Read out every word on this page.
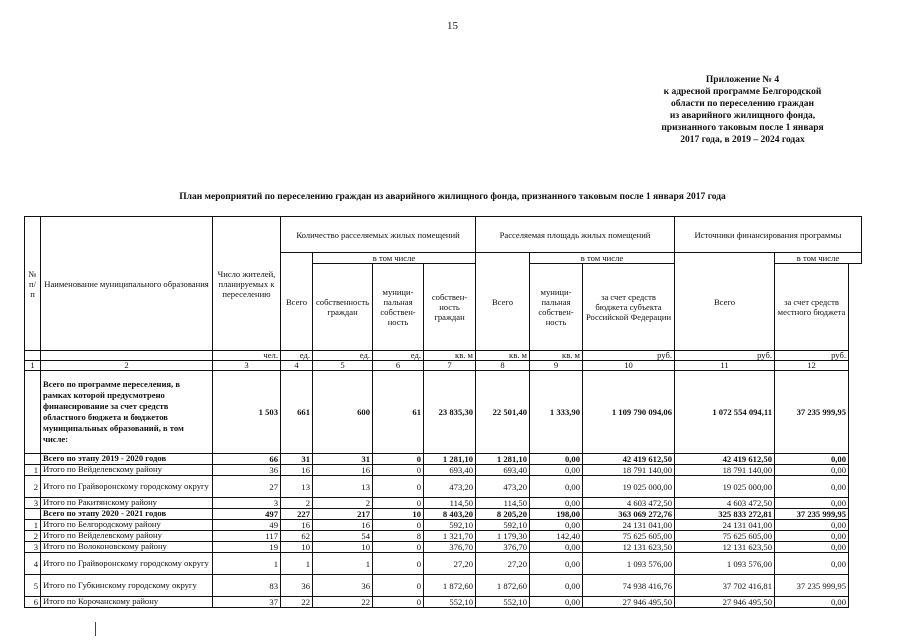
15
Приложение № 4
к адресной программе Белгородской
области по переселению граждан
из аварийного жилищного фонда,
признанного таковым после 1 января
2017 года, в 2019 – 2024 годах
План мероприятий по переселению граждан из аварийного жилищного фонда, признанного таковым после 1 января 2017 года
№ п/п	Наименование муниципального образования	Число жителей, планируемых к переселению	Количество расселяемых жилых помещений				Расселяемая площадь жилых помещений			Источники финансирования программы	
			Всего	в том числе			Всего	в том числе		Всего	в том числе
				собственность граждан	муници-пальная собствен-ность	собствен-ность граждан		муници-пальная собствен-ность	за счет средств бюджета субъекта Российской Федерации		за счет средств местного бюджета
		чел.	ед.	ед.	ед.	кв. м	кв. м	кв. м	руб.	руб.	руб.
1	2	3	4	5	6	7	8	9	10	11	12
	Всего по программе переселения, в рамках которой предусмотрено финансирование за счет средств областного бюджета и бюджетов муниципальных образований, в том числе:	1 503	661	600	61	23 835,30	22 501,40	1 333,90	1 109 790 094,06	1 072 554 094,11	37 235 999,95
	Всего по этапу 2019 - 2020 годов	66	31	31	0	1 281,10	1 281,10	0,00	42 419 612,50	42 419 612,50	0,00
1	Итого по Вейделевскому району	36	16	16	0	693,40	693,40	0,00	18 791 140,00	18 791 140,00	0,00
2	Итого по Грайворонскому городскому округу	27	13	13	0	473,20	473,20	0,00	19 025 000,00	19 025 000,00	0,00
3	Итого по Ракитянскому району	3	2	2	0	114,50	114,50	0,00	4 603 472,50	4 603 472,50	0,00
	Всего по этапу 2020 - 2021 годов	497	227	217	10	8 403,20	8 205,20	198,00	363 069 272,76	325 833 272,81	37 235 999,95
1	Итого по Белгородскому району	49	16	16	0	592,10	592,10	0,00	24 131 041,00	24 131 041,00	0,00
2	Итого по Вейделевскому району	117	62	54	8	1 321,70	1 179,30	142,40	75 625 605,00	75 625 605,00	0,00
3	Итого по Волоконовскому району	19	10	10	0	376,70	376,70	0,00	12 131 623,50	12 131 623,50	0,00
4	Итого по Грайворонскому городскому округу	1	1	1	0	27,20	27,20	0,00	1 093 576,00	1 093 576,00	0,00
5	Итого по Губкинскому городскому округу	83	36	36	0	1 872,60	1 872,60	0,00	74 938 416,76	37 702 416,81	37 235 999,95
6	Итого по Корочанскому району	37	22	22	0	552,10	552,10	0,00	27 946 495,50	27 946 495,50	0,00
